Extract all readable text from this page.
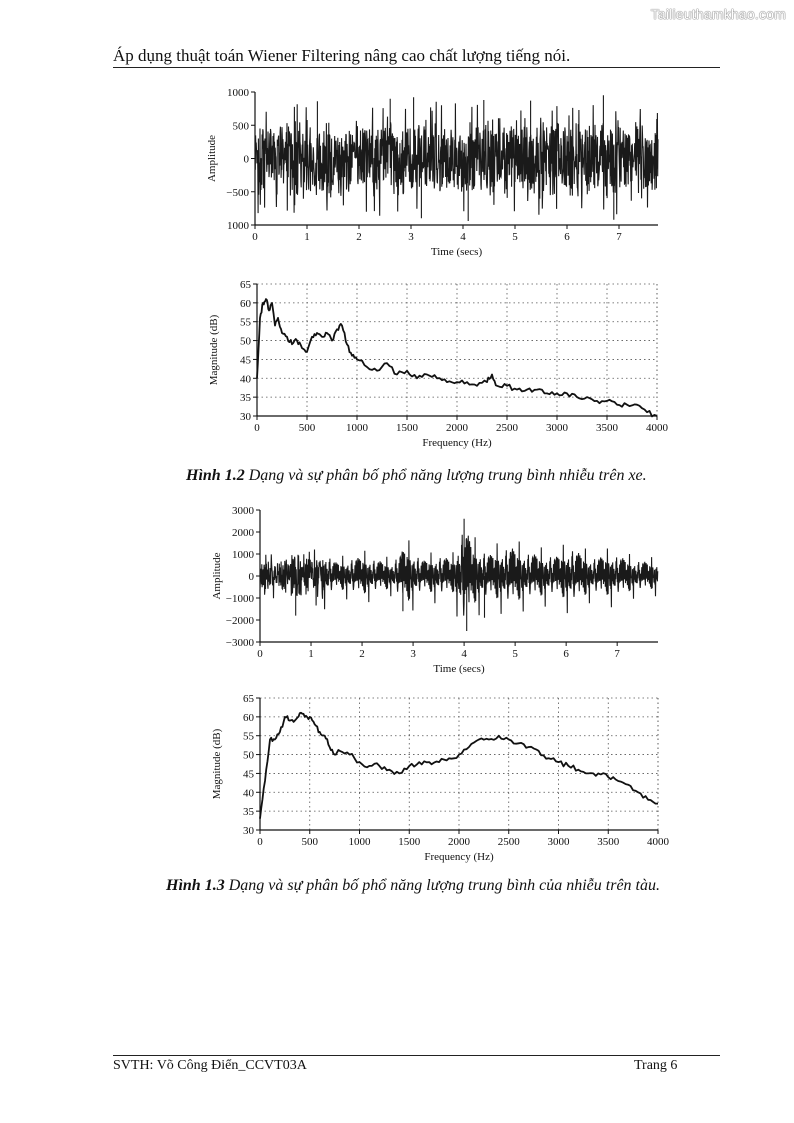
Tailieuthamkhao.com
Áp dụng thuật toán Wiener Filtering nâng cao chất lượng tiếng nói.
1000
500
0
−500
1000
0	1	2	3	4	5	6	7
Time (secs)
Amplitude
30
35
40
45
50
55
60
65
0	500	1000	1500	2000	2500	3000	3500	4000
Frequency (Hz)
Magnitude (dB)
Hình 1.2 Dạng và sự phân bố phổ năng lượng trung bình nhiễu trên xe.
3000
2000
1000
0
−1000
−2000
−3000
0	1	2	3	4	5	6	7
Time (secs)
Amplitude
30
35
40
45
50
55
60
65
0	500	1000	1500	2000	2500	3000	3500	4000
Frequency (Hz)
Magnitude (dB)
Hình 1.3 Dạng và sự phân bố phổ năng lượng trung bình của nhiễu trên tàu.
SVTH: Võ Công Điển_CCVT03A	Trang 6
